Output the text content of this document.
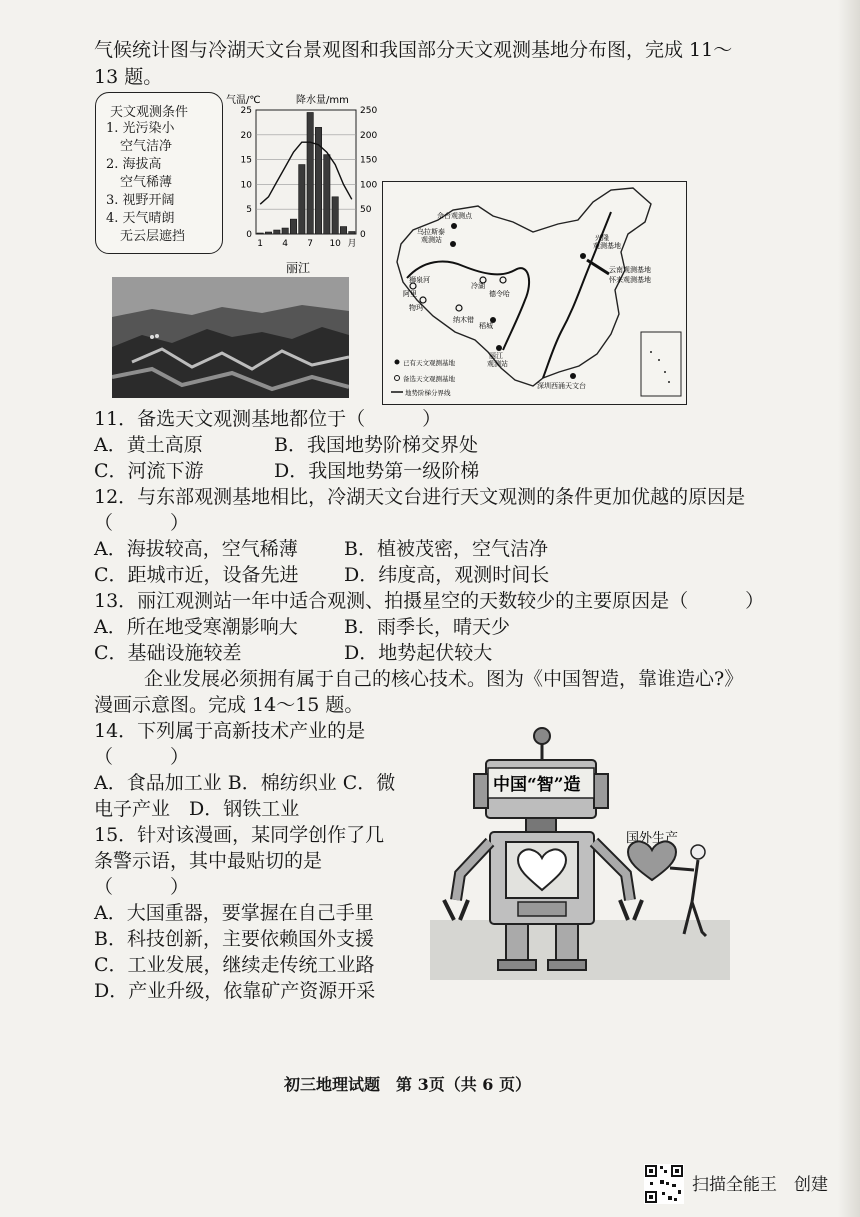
气候统计图与冷湖天文台景观图和我国部分天文观测基地分布图，完成 11～
13 题。
天文观测条件
1. 光污染小
空气洁净
2. 海拔高
空气稀薄
3. 视野开阔
4. 天气晴朗
无云层遮挡
气温/℃	降水量/mm
25
20
15
10
5
0
250
200
150
100
50
0
1 4 7 10 月
丽江
佘台观测点
乌拉斯泰
观测站	兴隆
观测基地
云南观测基地
怀来观测基地
狮泉河
冷湖
德令哈
阿里
物玛
纳木错
稻城
丽江
观测站
深圳西涌天文台
已有天文观测基地
备选天文观测基地
地势阶梯分界线
11．备选天文观测基地都位于（　　　）
A．黄土高原	B．我国地势阶梯交界处
C．河流下游	D．我国地势第一级阶梯
12．与东部观测基地相比，冷湖天文台进行天文观测的条件更加优越的原因是
（　　　）
A．海拔较高，空气稀薄 B．植被茂密，空气洁净
C．距城市近，设备先进 D．纬度高，观测时间长
13．丽江观测站一年中适合观测、拍摄星空的天数较少的主要原因是（　　　）
A．所在地受寒潮影响大 B．雨季长，晴天少
C．基础设施较差	D．地势起伏较大
企业发展必须拥有属于自己的核心技术。图为《中国智造，靠谁造心?》
漫画示意图。完成 14～15 题。
14．下列属于高新技术产业的是
（　　　）
A．食品加工业 B．棉纺织业 C．微
电子产业　D．钢铁工业
15．针对该漫画，某同学创作了几
条警示语，其中最贴切的是
（　　　）
A．大国重器，要掌握在自己手里
B．科技创新，主要依赖国外支援
C．工业发展，继续走传统工业路
D．产业升级，依靠矿产资源开采
中国“智”造
国外生产
初三地理试题　第 3页（共 6 页）
扫描全能王　创建
